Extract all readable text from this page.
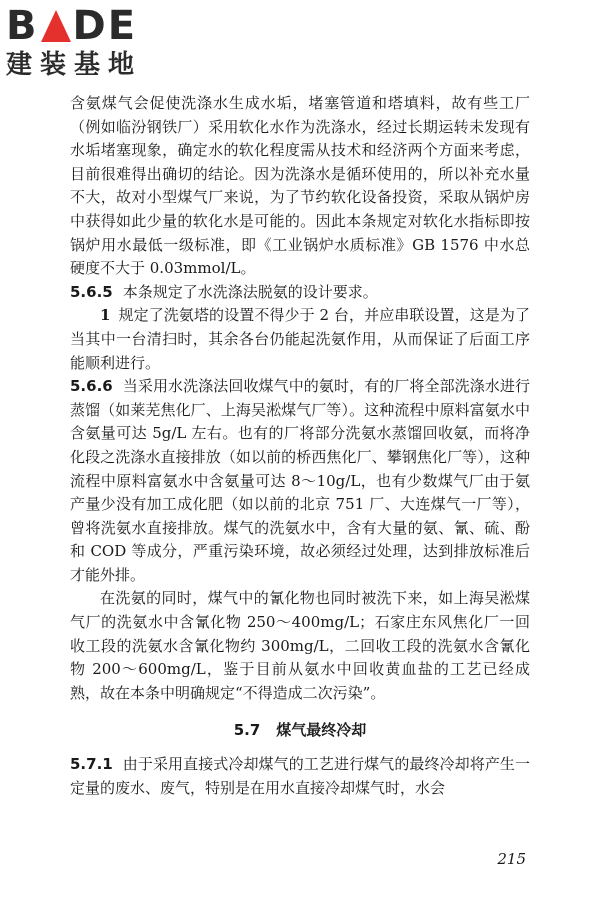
B DE
建装基地

含氨煤气会促使洗涤水生成水垢，堵塞管道和塔填料，故有些工厂（例如临汾钢铁厂）采用软化水作为洗涤水，经过长期运转未发现有水垢堵塞现象，确定水的软化程度需从技术和经济两个方面来考虑，目前很难得出确切的结论。因为洗涤水是循环使用的，所以补充水量不大，故对小型煤气厂来说，为了节约软化设备投资，采取从锅炉房中获得如此少量的软化水是可能的。因此本条规定对软化水指标即按锅炉用水最低一级标准，即《工业锅炉水质标准》GB 1576 中水总硬度不大于 0.03mmol/L。

5.6.5 本条规定了水洗涤法脱氨的设计要求。

1 规定了洗氨塔的设置不得少于 2 台，并应串联设置，这是为了当其中一台清扫时，其余各台仍能起洗氨作用，从而保证了后面工序能顺利进行。

5.6.6 当采用水洗涤法回收煤气中的氨时，有的厂将全部洗涤水进行蒸馏（如莱芜焦化厂、上海吴淞煤气厂等）。这种流程中原料富氨水中含氨量可达 5g/L 左右。也有的厂将部分洗氨水蒸馏回收氨，而将净化段之洗涤水直接排放（如以前的桥西焦化厂、攀钢焦化厂等），这种流程中原料富氨水中含氨量可达 8～10g/L，也有少数煤气厂由于氨产量少没有加工成化肥（如以前的北京 751 厂、大连煤气一厂等），曾将洗氨水直接排放。煤气的洗氨水中，含有大量的氨、氰、硫、酚和 COD 等成分，严重污染环境，故必须经过处理，达到排放标准后才能外排。

在洗氨的同时，煤气中的氰化物也同时被洗下来，如上海吴淞煤气厂的洗氨水中含氰化物 250～400mg/L；石家庄东风焦化厂一回收工段的洗氨水含氰化物约 300mg/L，二回收工段的洗氨水含氰化物 200～600mg/L，鉴于目前从氨水中回收黄血盐的工艺已经成熟，故在本条中明确规定“不得造成二次污染”。

5.7 煤气最终冷却

5.7.1 由于采用直接式冷却煤气的工艺进行煤气的最终冷却将产生一定量的废水、废气，特别是在用水直接冷却煤气时，水会

215
